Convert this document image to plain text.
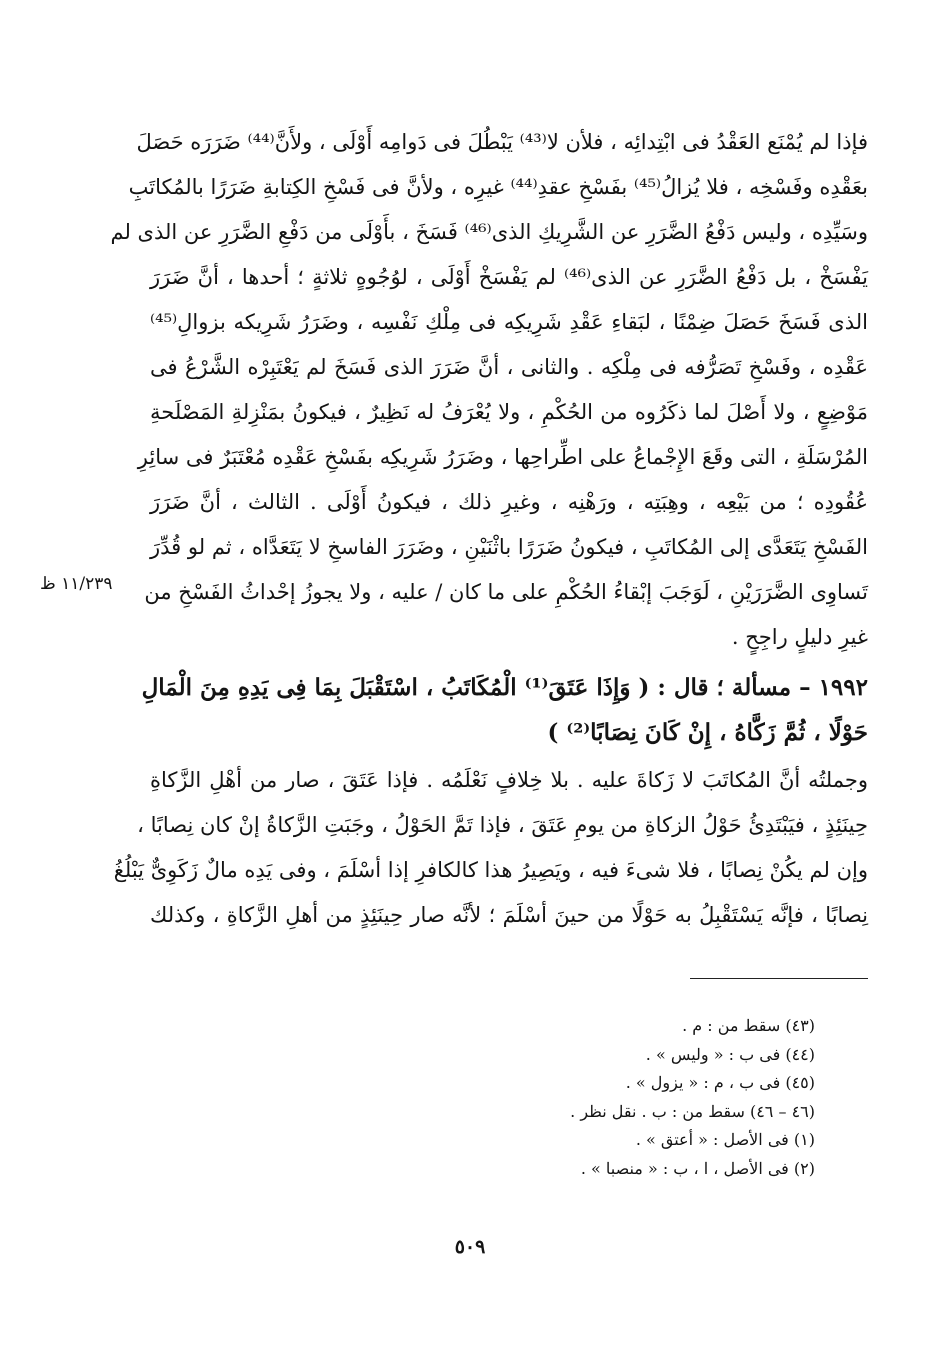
فإذا لم يُمْنَع العَقْدُ فى ابْتِدائِه ، فلأن لا⁽⁴³⁾ يَبْطُلَ فى دَوامِه أَوْلَى ، ولأَنَّ⁽⁴⁴⁾ ضَرَرَه حَصَلَ
بعَقْدِه وفَسْخِه ، فلا يُزالُ⁽⁴⁵⁾ بفَسْخِ عقدِ⁽⁴⁴⁾ غيرِه ، ولأنَّ فى فَسْخِ الكِتابةِ ضَرَرًا بالمُكاتَبِ
وسَيِّدِه ، وليس دَفْعُ الضَّرَرِ عن الشَّرِيكِ الذى⁽⁴⁶⁾ فَسَخَ ، بأَوْلَى من دَفْعِ الضَّرَرِ عن الذى لم
يَفْسَخْ ، بل دَفْعُ الضَّرَرِ عن الذى⁽⁴⁶⁾ لم يَفْسَخْ أَوْلَى ، لوُجُوهٍ ثلاثةٍ ؛ أحدها ، أنَّ ضَرَرَ
الذى فَسَخَ حَصَلَ ضِمْنًا ، لبَقاءِ عَقْدِ شَرِيكِه فى مِلْكِ نَفْسِه ، وضَرَرُ شَرِيكه بزوالِ⁽⁴⁵⁾
عَقْدِه ، وفَسْخِ تَصَرُّفه فى مِلْكِه . والثانى ، أنَّ ضَرَرَ الذى فَسَخَ لم يَعْتَبِرْه الشَّرْعُ فى
مَوْضِعٍ ، ولا أَصْلَ لما ذكَرُوه من الحُكْمِ ، ولا يُعْرَفُ له نَظِيرٌ ، فيكونُ بمَنْزِلةِ المَصْلَحةِ
المُرْسَلَةِ ، التى وقَعَ الإِجْماعُ على اطِّراحِها ، وضَرَرُ شَرِيكِه بفَسْخِ عَقْدِه مُعْتَبَرٌ فى سائِرِ
عُقُودِه ؛ من بَيْعِه ، وهِبَتِه ، ورَهْنِه ، وغيرِ ذلك ، فيكونُ أَوْلَى . الثالث ، أنَّ ضَرَرَ
الفَسْخِ يَتَعَدَّى إلى المُكاتَبِ ، فيكونُ ضَرَرًا باثْنَيْنِ ، وضَرَرَ الفاسخِ لا يَتَعَدَّاه ، ثم لو قُدِّرَ
تَساوِى الضَّرَرَيْنِ ، لَوَجَبَ إبْقاءُ الحُكْمِ على ما كان / عليه ، ولا يجوزُ إحْداثُ الفَسْخِ من
غيرِ دليلٍ راجِحٍ .
١١/٢٣٩ ظ
١٩٩٢ – مسألة ؛ قال : ( وَإِذَا عَتَقَ⁽¹⁾ الْمُكَاتَبُ ، اسْتَقْبَلَ بِمَا فِى يَدِهِ مِنَ الْمَالِ
حَوْلًا ، ثُمَّ زَكَّاهُ ، إِنْ كَانَ نِصَابًا⁽²⁾ )
وجملتُه أنَّ المُكاتَبَ لا زَكاةَ عليه . بلا خِلافٍ نَعْلَمُه . فإذا عَتَقَ ، صار من أهْلِ الزَّكاةِ
حِينَئِذٍ ، فيَبْتَدِئُ حَوْلُ الزكاةِ من يومِ عَتَقَ ، فإذا تَمَّ الحَوْلُ ، وجَبَتِ الزَّكاةُ إنْ كان نِصابًا ،
وإن لم يكُنْ نِصابًا ، فلا شىءَ فيه ، ويَصِيرُ هذا كالكافرِ إذا أسْلَمَ ، وفى يَدِه مالٌ زَكَوِىٌّ يَبْلُغُ
نِصابًا ، فإنَّه يَسْتَقْبِلُ به حَوْلًا من حينَ أسْلَمَ ؛ لأنَّه صار حِينَئِذٍ من أهلِ الزَّكاةِ ، وكذلك
(٤٣) سقط من : م .
(٤٤) فى ب : « وليس » .
(٤٥) فى ب ، م : « يزول » .
(٤٦ – ٤٦) سقط من : ب . نقل نظر .
(١) فى الأصل : « أعتق » .
(٢) فى الأصل ، ا ، ب : « منصبا » .
٥٠٩
